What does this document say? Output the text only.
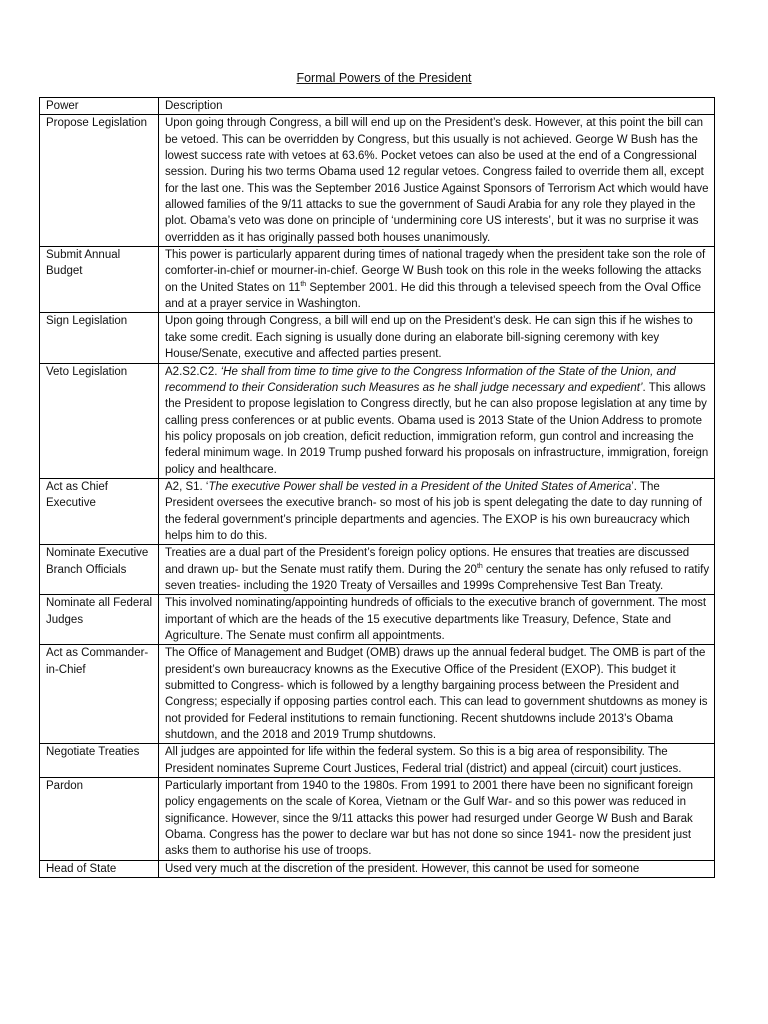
Formal Powers of the President
Power	Description
Propose Legislation	Upon going through Congress, a bill will end up on the President’s desk. However, at this point the bill can be vetoed. This can be overridden by Congress, but this usually is not achieved. George W Bush has the lowest success rate with vetoes at 63.6%. Pocket vetoes can also be used at the end of a Congressional session. During his two terms Obama used 12 regular vetoes. Congress failed to override them all, except for the last one. This was the September 2016 Justice Against Sponsors of Terrorism Act which would have allowed families of the 9/11 attacks to sue the government of Saudi Arabia for any role they played in the plot. Obama’s veto was done on principle of ‘undermining core US interests’, but it was no surprise it was overridden as it has originally passed both houses unanimously.
Submit Annual Budget	This power is particularly apparent during times of national tragedy when the president take son the role of comforter-in-chief or mourner-in-chief. George W Bush took on this role in the weeks following the attacks on the United States on 11th September 2001. He did this through a televised speech from the Oval Office and at a prayer service in Washington.
Sign Legislation	Upon going through Congress, a bill will end up on the President’s desk. He can sign this if he wishes to take some credit. Each signing is usually done during an elaborate bill-signing ceremony with key House/Senate, executive and affected parties present.
Veto Legislation	A2.S2.C2. ‘He shall from time to time give to the Congress Information of the State of the Union, and recommend to their Consideration such Measures as he shall judge necessary and expedient’. This allows the President to propose legislation to Congress directly, but he can also propose legislation at any time by calling press conferences or at public events. Obama used is 2013 State of the Union Address to promote his policy proposals on job creation, deficit reduction, immigration reform, gun control and increasing the federal minimum wage. In 2019 Trump pushed forward his proposals on infrastructure, immigration, foreign policy and healthcare.
Act as Chief Executive	A2, S1. ‘The executive Power shall be vested in a President of the United States of America’. The President oversees the executive branch- so most of his job is spent delegating the date to day running of the federal government’s principle departments and agencies. The EXOP is his own bureaucracy which helps him to do this.
Nominate Executive Branch Officials	Treaties are a dual part of the President’s foreign policy options. He ensures that treaties are discussed and drawn up- but the Senate must ratify them. During the 20th century the senate has only refused to ratify seven treaties- including the 1920 Treaty of Versailles and 1999s Comprehensive Test Ban Treaty.
Nominate all Federal Judges	This involved nominating/appointing hundreds of officials to the executive branch of government. The most important of which are the heads of the 15 executive departments like Treasury, Defence, State and Agriculture. The Senate must confirm all appointments.
Act as Commander-in-Chief	The Office of Management and Budget (OMB) draws up the annual federal budget. The OMB is part of the president’s own bureaucracy knowns as the Executive Office of the President (EXOP). This budget it submitted to Congress- which is followed by a lengthy bargaining process between the President and Congress; especially if opposing parties control each. This can lead to government shutdowns as money is not provided for Federal institutions to remain functioning. Recent shutdowns include 2013’s Obama shutdown, and the 2018 and 2019 Trump shutdowns.
Negotiate Treaties	All judges are appointed for life within the federal system. So this is a big area of responsibility. The President nominates Supreme Court Justices, Federal trial (district) and appeal (circuit) court justices.
Pardon	Particularly important from 1940 to the 1980s. From 1991 to 2001 there have been no significant foreign policy engagements on the scale of Korea, Vietnam or the Gulf War- and so this power was reduced in significance. However, since the 9/11 attacks this power had resurged under George W Bush and Barak Obama. Congress has the power to declare war but has not done so since 1941- now the president just asks them to authorise his use of troops.
Head of State	Used very much at the discretion of the president. However, this cannot be used for someone
